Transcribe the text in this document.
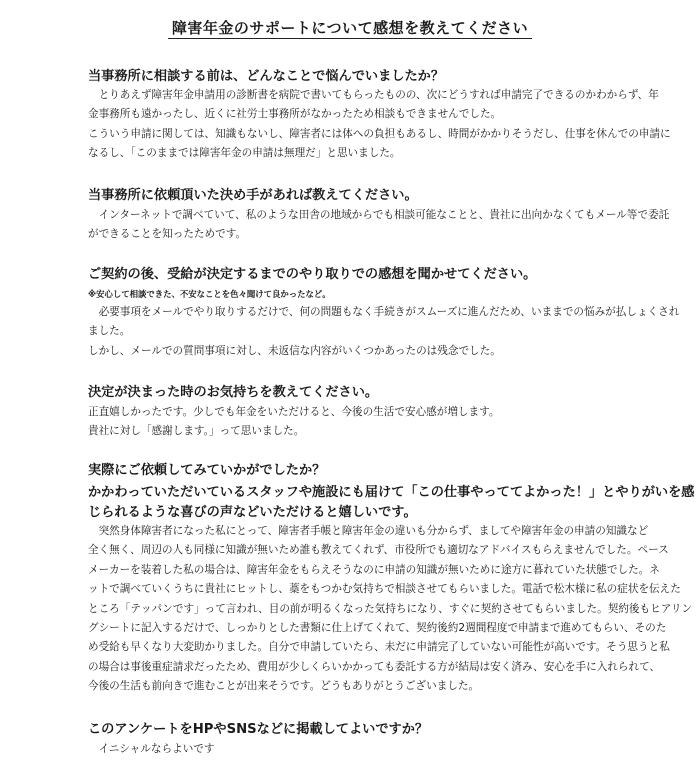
障害年金のサポートについて感想を教えてください
当事務所に相談する前は、どんなことで悩んでいましたか？
　とりあえず障害年金申請用の診断書を病院で書いてもらったものの、次にどうすれば申請完了できるのかわからず、年
金事務所も遠かったし、近くに社労士事務所がなかったため相談もできませんでした。
こういう申請に関しては、知識もないし、障害者には体への負担もあるし、時間がかかりそうだし、仕事を休んでの申請に
なるし、「このままでは障害年金の申請は無理だ」と思いました。
当事務所に依頼頂いた決め手があれば教えてください。
　インターネットで調べていて、私のような田舎の地域からでも相談可能なことと、貴社に出向かなくてもメール等で委託
ができることを知ったためです。
ご契約の後、受給が決定するまでのやり取りでの感想を聞かせてください。
※安心して相談できた、不安なことを色々聞けて良かったなど。
　必要事項をメールでやり取りするだけで、何の問題もなく手続きがスムーズに進んだため、いままでの悩みが払しょくされ
ました。
しかし、メールでの質問事項に対し、未返信な内容がいくつかあったのは残念でした。
決定が決まった時のお気持ちを教えてください。
正直嬉しかったです。少しでも年金をいただけると、今後の生活で安心感が増します。
貴社に対し「感謝します。」って思いました。
実際にご依頼してみていかがでしたか？
かかわっていただいているスタッフや施設にも届けて「この仕事やっててよかった！」とやりがいを感
じられるような喜びの声などいただけると嬉しいです。
　突然身体障害者になった私にとって、障害者手帳と障害年金の違いも分からず、ましてや障害年金の申請の知識など
全く無く、周辺の人も同様に知識が無いため誰も教えてくれず、市役所でも適切なアドバイスもらえませんでした。ペース
メーカーを装着した私の場合は、障害年金をもらえそうなのに申請の知識が無いために途方に暮れていた状態でした。ネ
ットで調べていくうちに貴社にヒットし、藁をもつかむ気持ちで相談させてもらいました。電話で松木様に私の症状を伝えた
ところ「テッパンです」って言われ、目の前が明るくなった気持ちになり、すぐに契約させてもらいました。契約後もヒアリン
グシートに記入するだけで、しっかりとした書類に仕上げてくれて、契約後約2週間程度で申請まで進めてもらい、そのた
め受給も早くなり大変助かりました。自分で申請していたら、未だに申請完了していない可能性が高いです。そう思うと私
の場合は事後重症請求だったため、費用が少しくらいかかっても委託する方が結局は安く済み、安心を手に入れられて、
今後の生活も前向きで進むことが出来そうです。どうもありがとうございました。
このアンケートをHPやSNSなどに掲載してよいですか？
　イニシャルならよいです
